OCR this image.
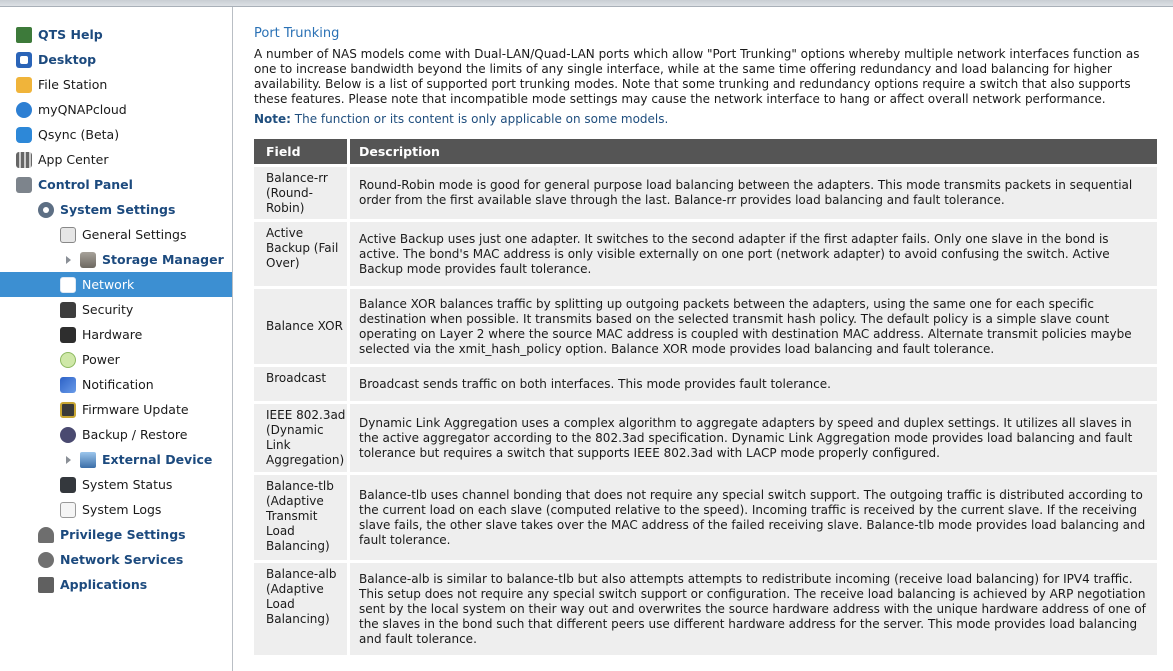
QTS Help
Desktop
File Station
myQNAPcloud
Qsync (Beta)
App Center
Control Panel
System Settings
General Settings
Storage Manager
Network
Security
Hardware
Power
Notification
Firmware Update
Backup / Restore
External Device
System Status
System Logs
Privilege Settings
Network Services
Applications
Port Trunking

A number of NAS models come with Dual-LAN/Quad-LAN ports which allow "Port Trunking" options whereby multiple network interfaces function as one to increase bandwidth beyond the limits of any single interface, while at the same time offering redundancy and load balancing for higher availability. Below is a list of supported port trunking modes. Note that some trunking and redundancy options require a switch that also supports these features. Please note that incompatible mode settings may cause the network interface to hang or affect overall network performance.

Note: The function or its content is only applicable on some models.

Field	Description
Balance-rr (Round-Robin)
Round-Robin mode is good for general purpose load balancing between the adapters. This mode transmits packets in sequential order from the first available slave through the last. Balance-rr provides load balancing and fault tolerance.
Active Backup (Fail Over)
Active Backup uses just one adapter. It switches to the second adapter if the first adapter fails. Only one slave in the bond is active. The bond's MAC address is only visible externally on one port (network adapter) to avoid confusing the switch. Active Backup mode provides fault tolerance.
Balance XOR
Balance XOR balances traffic by splitting up outgoing packets between the adapters, using the same one for each specific destination when possible. It transmits based on the selected transmit hash policy. The default policy is a simple slave count operating on Layer 2 where the source MAC address is coupled with destination MAC address. Alternate transmit policies maybe selected via the xmit_hash_policy option. Balance XOR mode provides load balancing and fault tolerance.
Broadcast	Broadcast sends traffic on both interfaces. This mode provides fault tolerance.
IEEE 802.3ad (Dynamic Link Aggregation)
Dynamic Link Aggregation uses a complex algorithm to aggregate adapters by speed and duplex settings. It utilizes all slaves in the active aggregator according to the 802.3ad specification. Dynamic Link Aggregation mode provides load balancing and fault tolerance but requires a switch that supports IEEE 802.3ad with LACP mode properly configured.
Balance-tlb (Adaptive Transmit Load Balancing)
Balance-tlb uses channel bonding that does not require any special switch support. The outgoing traffic is distributed according to the current load on each slave (computed relative to the speed). Incoming traffic is received by the current slave. If the receiving slave fails, the other slave takes over the MAC address of the failed receiving slave. Balance-tlb mode provides load balancing and fault tolerance.
Balance-alb (Adaptive Load Balancing)
Balance-alb is similar to balance-tlb but also attempts attempts to redistribute incoming (receive load balancing) for IPV4 traffic. This setup does not require any special switch support or configuration. The receive load balancing is achieved by ARP negotiation sent by the local system on their way out and overwrites the source hardware address with the unique hardware address of one of the slaves in the bond such that different peers use different hardware address for the server. This mode provides load balancing and fault tolerance.
